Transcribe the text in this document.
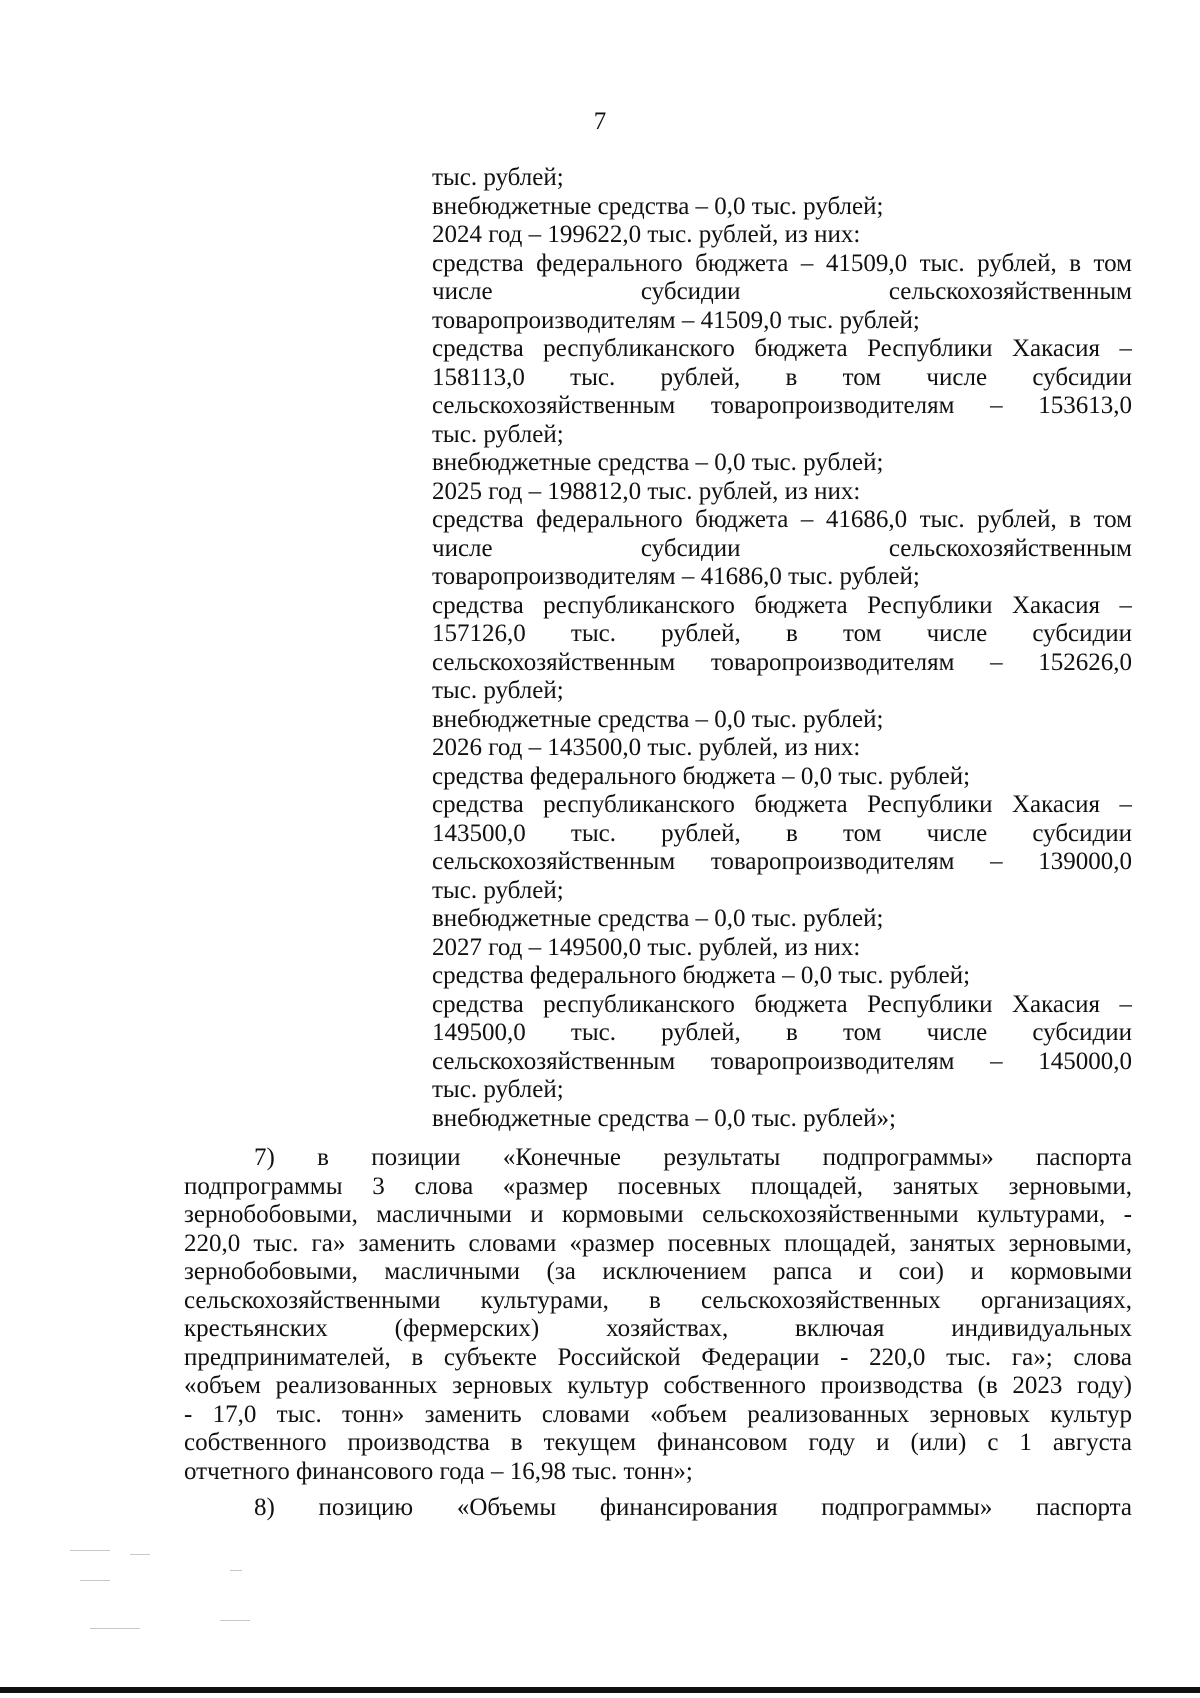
7
тыс. рублей;
внебюджетные средства – 0,0 тыс. рублей;
2024 год – 199622,0 тыс. рублей, из них:
средства федерального бюджета – 41509,0 тыс. рублей, в том
числе субсидии сельскохозяйственным
товаропроизводителям – 41509,0 тыс. рублей;
средства республиканского бюджета Республики Хакасия –
158113,0 тыс. рублей, в том числе субсидии
сельскохозяйственным товаропроизводителям – 153613,0
тыс. рублей;
внебюджетные средства – 0,0 тыс. рублей;
2025 год – 198812,0 тыс. рублей, из них:
средства федерального бюджета – 41686,0 тыс. рублей, в том
числе субсидии сельскохозяйственным
товаропроизводителям – 41686,0 тыс. рублей;
средства республиканского бюджета Республики Хакасия –
157126,0 тыс. рублей, в том числе субсидии
сельскохозяйственным товаропроизводителям – 152626,0
тыс. рублей;
внебюджетные средства – 0,0 тыс. рублей;
2026 год – 143500,0 тыс. рублей, из них:
средства федерального бюджета – 0,0 тыс. рублей;
средства республиканского бюджета Республики Хакасия –
143500,0 тыс. рублей, в том числе субсидии
сельскохозяйственным товаропроизводителям – 139000,0
тыс. рублей;
внебюджетные средства – 0,0 тыс. рублей;
2027 год – 149500,0 тыс. рублей, из них:
средства федерального бюджета – 0,0 тыс. рублей;
средства республиканского бюджета Республики Хакасия –
149500,0 тыс. рублей, в том числе субсидии
сельскохозяйственным товаропроизводителям – 145000,0
тыс. рублей;
внебюджетные средства – 0,0 тыс. рублей»;
7) в позиции «Конечные результаты подпрограммы» паспорта
подпрограммы 3 слова «размер посевных площадей, занятых зерновыми,
зернобобовыми, масличными и кормовыми сельскохозяйственными культурами, -
220,0 тыс. га» заменить словами «размер посевных площадей, занятых зерновыми,
зернобобовыми, масличными (за исключением рапса и сои) и кормовыми
сельскохозяйственными культурами, в сельскохозяйственных организациях,
крестьянских (фермерских) хозяйствах, включая индивидуальных
предпринимателей, в субъекте Российской Федерации - 220,0 тыс. га»; слова
«объем реализованных зерновых культур собственного производства (в 2023 году)
- 17,0 тыс. тонн» заменить словами «объем реализованных зерновых культур
собственного производства в текущем финансовом году и (или) с 1 августа
отчетного финансового года – 16,98 тыс. тонн»;
8) позицию «Объемы финансирования подпрограммы» паспорта
